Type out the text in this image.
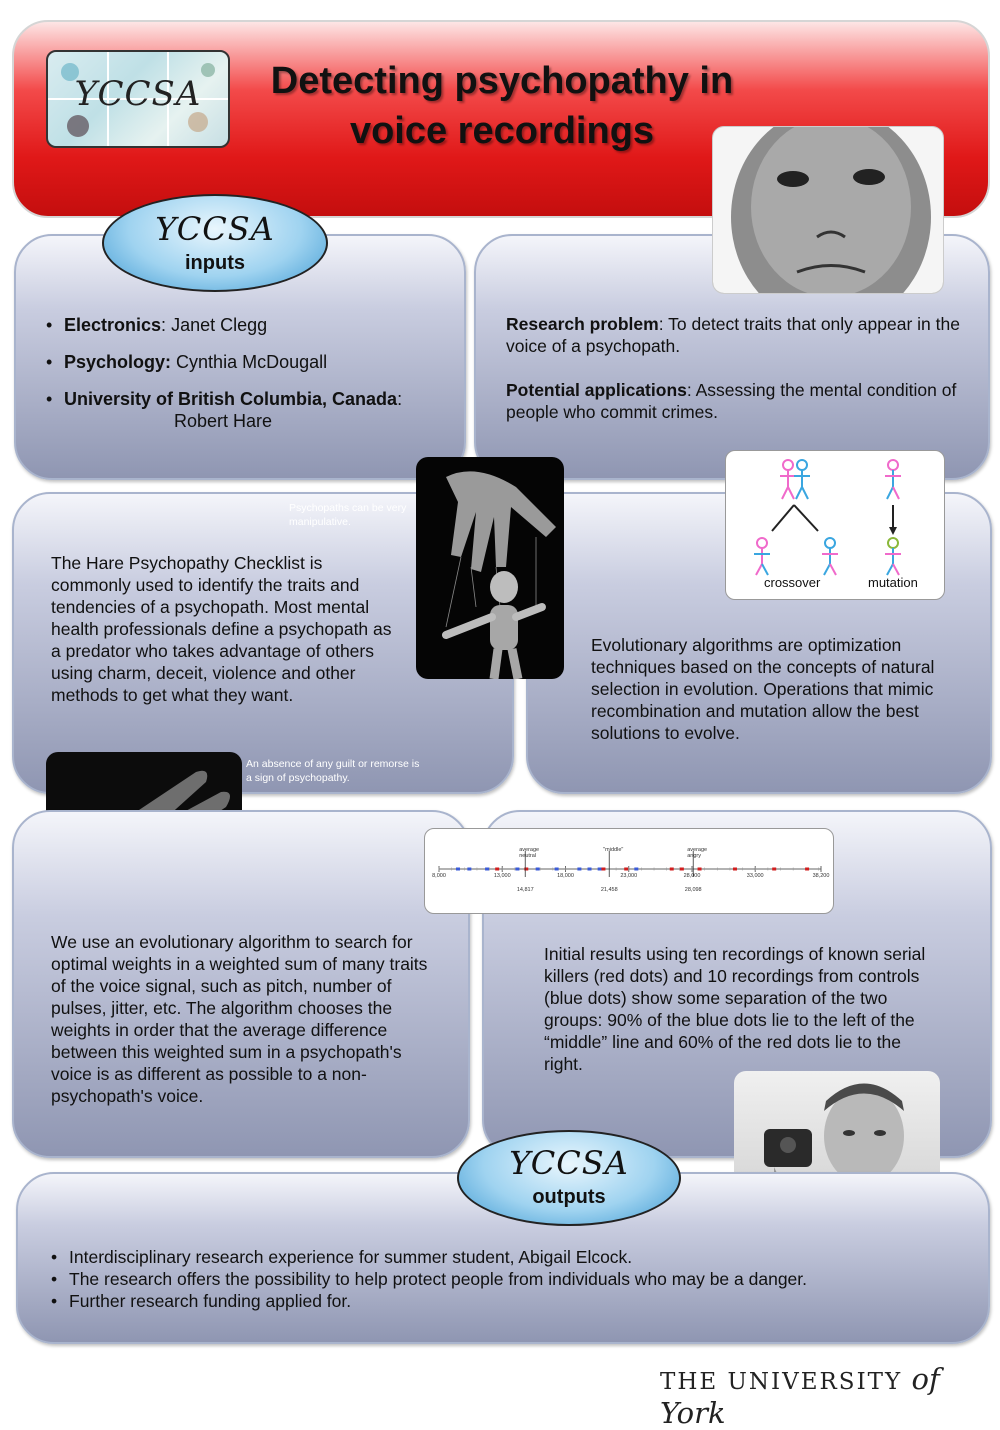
YCCSA	Detecting psychopathy in
voice recordings
YCCSA
inputs
• Electronics: Janet Clegg
• Psychology: Cynthia McDougall
• University of British Columbia, Canada:
Robert Hare
Research problem: To detect traits that only appear in the voice of a psychopath.
Potential applications: Assessing the mental condition of people who commit crimes.
Psychopaths can be very manipulative.
The Hare Psychopathy Checklist is commonly used to identify the traits and tendencies of a psychopath. Most mental health professionals define a psychopath as a predator who takes advantage of others using charm, deceit, violence and other methods to get what they want.
An absence of any guilt or remorse is a sign of psychopathy.
crossover	mutation
Evolutionary algorithms are optimization techniques based on the concepts of natural selection in evolution. Operations that mimic recombination and mutation allow the best solutions to evolve.
8,000	13,000	18,000	23,000	28,000	33,000	38,200
average
neutral
14,817
"middle"
21,458
average
angry
28,098
We use an evolutionary algorithm to search for optimal weights in a weighted sum of many traits of the voice signal, such as pitch, number of pulses, jitter, etc. The algorithm chooses the weights in order that the average difference between this weighted sum in a psychopath's voice is as different as possible to a non-psychopath's voice.
Initial results using ten recordings of known serial killers (red dots) and 10 recordings from controls (blue dots) show some separation of the two groups: 90% of the blue dots lie to the left of the “middle” line and 60% of the red dots lie to the right.
YCCSA
outputs
• Interdisciplinary research experience for summer student, Abigail Elcock.
• The research offers the possibility to help protect people from individuals who may be a danger.
• Further research funding applied for.
THE UNIVERSITY of York
